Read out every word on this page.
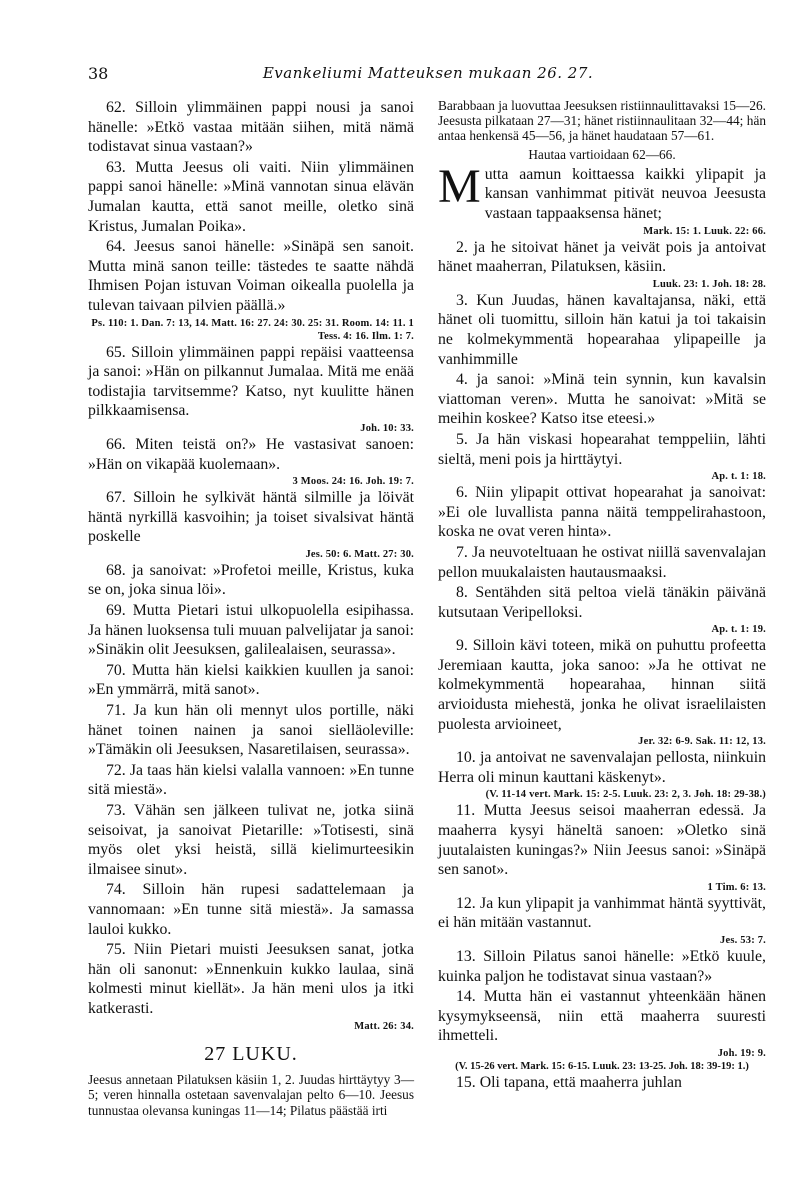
38	Evankeliumi Matteuksen mukaan 26. 27.

62. Silloin ylimmäinen pappi nousi ja sanoi hänelle: »Etkö vastaa mitään siihen, mitä nämä todistavat sinua vastaan?»

63. Mutta Jeesus oli vaiti. Niin ylimmäinen pappi sanoi hänelle: »Minä vannotan sinua elävän Jumalan kautta, että sanot meille, oletko sinä Kristus, Jumalan Poika».

64. Jeesus sanoi hänelle: »Sinäpä sen sanoit. Mutta minä sanon teille: tästedes te saatte nähdä Ihmisen Pojan istuvan Voiman oikealla puolella ja tulevan taivaan pilvien päällä.»

Ps. 110: 1. Dan. 7: 13, 14. Matt. 16: 27. 24: 30. 25: 31. Room. 14: 11. 1 Tess. 4: 16. Ilm. 1: 7.

65. Silloin ylimmäinen pappi repäisi vaatteensa ja sanoi: »Hän on pilkannut Jumalaa. Mitä me enää todistajia tarvitsemme? Katso, nyt kuulitte hänen pilkkaamisensa.

Joh. 10: 33.

66. Miten teistä on?» He vastasivat sanoen: »Hän on vikapää kuolemaan».

3 Moos. 24: 16. Joh. 19: 7.

67. Silloin he sylkivät häntä silmille ja löivät häntä nyrkillä kasvoihin; ja toiset sivalsivat häntä poskelle

Jes. 50: 6. Matt. 27: 30.

68. ja sanoivat: »Profetoi meille, Kristus, kuka se on, joka sinua löi».

69. Mutta Pietari istui ulkopuolella esipihassa. Ja hänen luoksensa tuli muuan palvelijatar ja sanoi: »Sinäkin olit Jeesuksen, galilealaisen, seurassa».

70. Mutta hän kielsi kaikkien kuullen ja sanoi: »En ymmärrä, mitä sanot».

71. Ja kun hän oli mennyt ulos portille, näki hänet toinen nainen ja sanoi sielläoleville: »Tämäkin oli Jeesuksen, Nasaretilaisen, seurassa».

72. Ja taas hän kielsi valalla vannoen: »En tunne sitä miestä».

73. Vähän sen jälkeen tulivat ne, jotka siinä seisoivat, ja sanoivat Pietarille: »Totisesti, sinä myös olet yksi heistä, sillä kielimurteesikin ilmaisee sinut».

74. Silloin hän rupesi sadattelemaan ja vannomaan: »En tunne sitä miestä». Ja samassa lauloi kukko.

75. Niin Pietari muisti Jeesuksen sanat, jotka hän oli sanonut: »Ennenkuin kukko laulaa, sinä kolmesti minut kiellät». Ja hän meni ulos ja itki katkerasti.

Matt. 26: 34.
27 LUKU.

Jeesus annetaan Pilatuksen käsiin 1, 2. Juudas hirttäytyy 3—5; veren hinnalla ostetaan savenvalajan pelto 6—10. Jeesus tunnustaa olevansa kuningas 11—14; Pilatus päästää irti

Barabbaan ja luovuttaa Jeesuksen ristiinnaulittavaksi 15—26. Jeesusta pilkataan 27—31; hänet ristiinnaulitaan 32—44; hän antaa henkensä 45—56, ja hänet haudataan 57—61.

Hautaa vartioidaan 62—66.

Mutta aamun koittaessa kaikki ylipapit ja kansan vanhimmat pitivät neuvoa Jeesusta vastaan tappaaksensa hänet;

Mark. 15: 1. Luuk. 22: 66.

2. ja he sitoivat hänet ja veivät pois ja antoivat hänet maaherran, Pilatuksen, käsiin.

Luuk. 23: 1. Joh. 18: 28.

3. Kun Juudas, hänen kavaltajansa, näki, että hänet oli tuomittu, silloin hän katui ja toi takaisin ne kolmekymmentä hopearahaa ylipapeille ja vanhimmille

4. ja sanoi: »Minä tein synnin, kun kavalsin viattoman veren». Mutta he sanoivat: »Mitä se meihin koskee? Katso itse eteesi.»

5. Ja hän viskasi hopearahat temppeliin, lähti sieltä, meni pois ja hirttäytyi.

Ap. t. 1: 18.

6. Niin ylipapit ottivat hopearahat ja sanoivat: »Ei ole luvallista panna näitä temppelirahastoon, koska ne ovat veren hinta».

7. Ja neuvoteltuaan he ostivat niillä savenvalajan pellon muukalaisten hautausmaaksi.

8. Sentähden sitä peltoa vielä tänäkin päivänä kutsutaan Veripelloksi.

Ap. t. 1: 19.

9. Silloin kävi toteen, mikä on puhuttu profeetta Jeremiaan kautta, joka sanoo: »Ja he ottivat ne kolmekymmentä hopearahaa, hinnan siitä arvioidusta miehestä, jonka he olivat israelilaisten puolesta arvioineet,

Jer. 32: 6-9. Sak. 11: 12, 13.

10. ja antoivat ne savenvalajan pellosta, niinkuin Herra oli minun kauttani käskenyt».

(V. 11-14 vert. Mark. 15: 2-5. Luuk. 23: 2, 3. Joh. 18: 29-38.)

11. Mutta Jeesus seisoi maaherran edessä. Ja maaherra kysyi häneltä sanoen: »Oletko sinä juutalaisten kuningas?» Niin Jeesus sanoi: »Sinäpä sen sanot».

1 Tim. 6: 13.

12. Ja kun ylipapit ja vanhimmat häntä syyttivät, ei hän mitään vastannut.

Jes. 53: 7.

13. Silloin Pilatus sanoi hänelle: »Etkö kuule, kuinka paljon he todistavat sinua vastaan?»

14. Mutta hän ei vastannut yhteenkään hänen kysymykseensä, niin että maaherra suuresti ihmetteli.

Joh. 19: 9.
(V. 15-26 vert. Mark. 15: 6-15. Luuk. 23: 13-25. Joh. 18: 39-19: 1.)

15. Oli tapana, että maaherra juhlan
